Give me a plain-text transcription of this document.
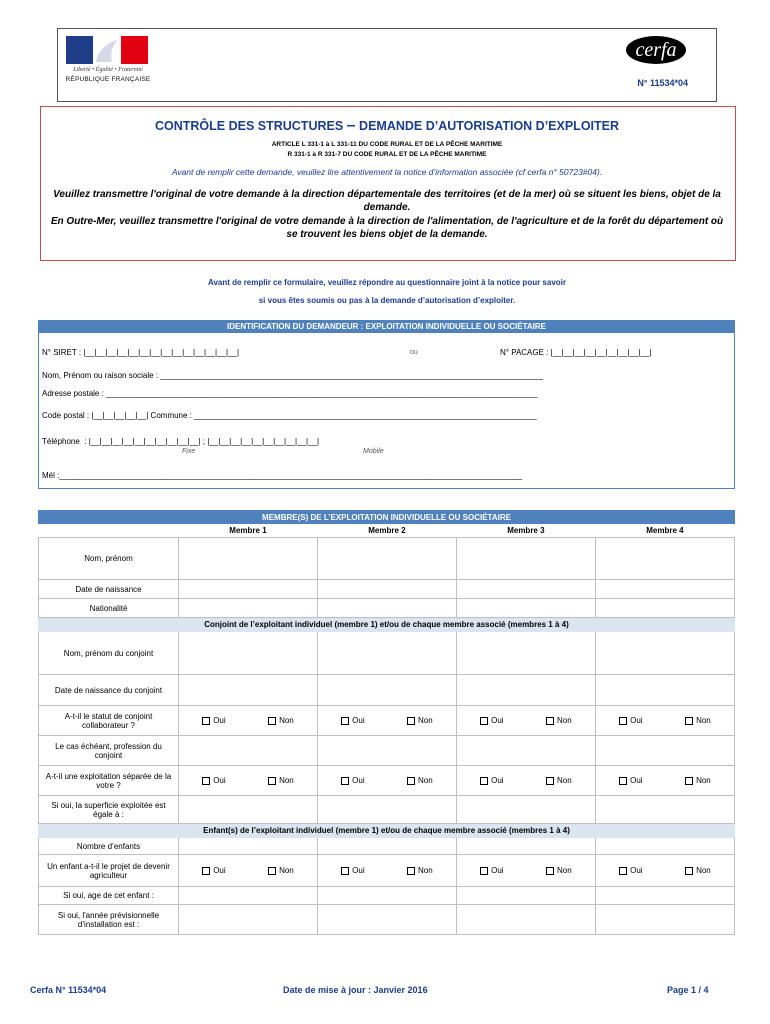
Liberté • Égalité • Fraternité
RÉPUBLIQUE FRANÇAISE
cerfa
N° 11534*04
CONTRÔLE DES STRUCTURES – DEMANDE D’AUTORISATION D’EXPLOITER
ARTICLE L 331-1 à L 331-11 DU CODE RURAL ET DE LA PÊCHE MARITIME
R 331-1 à R 331-7 DU CODE RURAL ET DE LA PÊCHE MARITIME
Avant de remplir cette demande, veuillez lire attentivement la notice d’information associée (cf cerfa n° 50723#04).
Veuillez transmettre l'original de votre demande à la direction départementale des territoires (et de la mer) où se situent les biens, objet de la demande.
En Outre-Mer, veuillez transmettre l'original de votre demande à la direction de l'alimentation, de l'agriculture et de la forêt du département où se trouvent les biens objet de la demande.
Avant de remplir ce formulaire, veuillez répondre au questionnaire joint à la notice pour savoir
si vous êtes soumis ou pas à la demande d’autorisation d’exploiter.
IDENTIFICATION DU DEMANDEUR : EXPLOITATION INDIVIDUELLE OU SOCIÉTAIRE
N° SIRET : |__|__|__|__|__|__|__|__|__|__|__|__|__|__|	ou	N° PACAGE : |__|__|__|__|__|__|__|__|__|
Nom, Prénom ou raison sociale : ______________________________________________________________________________________
Adresse postale : _________________________________________________________________________________________________
Code postal : |__|__|__|__|__| Commune : _____________________________________________________________________________
Téléphone  : |__|__|__|__|__|__|__|__|__|__| ; |__|__|__|__|__|__|__|__|__|__|
Fixe	Mobile
Mél :________________________________________________________________________________________________________
MEMBRE(S) DE L’EXPLOITATION INDIVIDUELLE OU SOCIÉTAIRE				
	Membre 1	Membre 2	Membre 3	Membre 4
Nom, prénom				
Date de naissance				
Nationalité				
Conjoint de l’exploitant individuel (membre 1) et/ou de chaque membre associé (membres 1 à 4)				
Nom, prénom du conjoint				
Date de naissance du conjoint				
A-t-il le statut de conjoint collaborateur ?	Oui Non	Oui Non	Oui Non	Oui Non

Le cas échéant, profession du conjoint				
A-t-il une exploitation séparée de la votre ?	Oui Non	Oui Non	Oui Non	Oui Non

Si oui, la superficie exploitée est égale à :				
Enfant(s) de l’exploitant individuel (membre 1) et/ou de chaque membre associé (membres 1 à 4)				
Nombre d’enfants				
Un enfant a-t-il le projet de devenir agriculteur	Oui Non	Oui Non	Oui Non	Oui Non

Si oui, age de cet enfant :				
Si oui, l'année prévisionnelle d’installation est :				
Cerfa N° 11534*04	Date de mise à jour : Janvier 2016	Page 1 / 4
